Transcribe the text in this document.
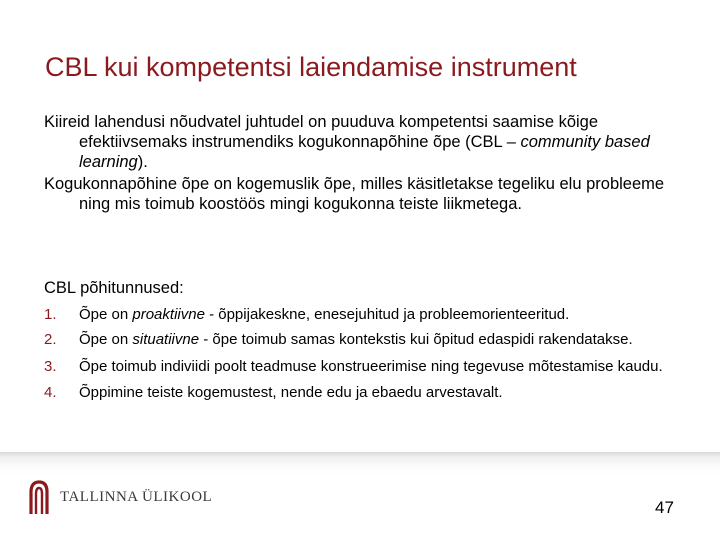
CBL kui kompetentsi laiendamise instrument

Kiireid lahendusi nõudvatel juhtudel on puuduva kompetentsi saamise kõige efektiivsemaks instrumendiks kogukonnapõhine õpe (CBL – community based learning).

Kogukonnapõhine õpe on kogemuslik õpe, milles käsitletakse tegeliku elu probleeme ning mis toimub koostöös mingi kogukonna teiste liikmetega.

CBL põhitunnused:
1. Õpe on proaktiivne - õppijakeskne, enesejuhitud ja probleemorienteeritud.
2. Õpe on situatiivne - õpe toimub samas kontekstis kui õpitud edaspidi rakendatakse.
3. Õpe toimub indiviidi poolt teadmuse konstrueerimise ning tegevuse mõtestamise kaudu.
4. Õppimine teiste kogemustest, nende edu ja ebaedu arvestavalt.
TALLINNA ÜLIKOOL
47
